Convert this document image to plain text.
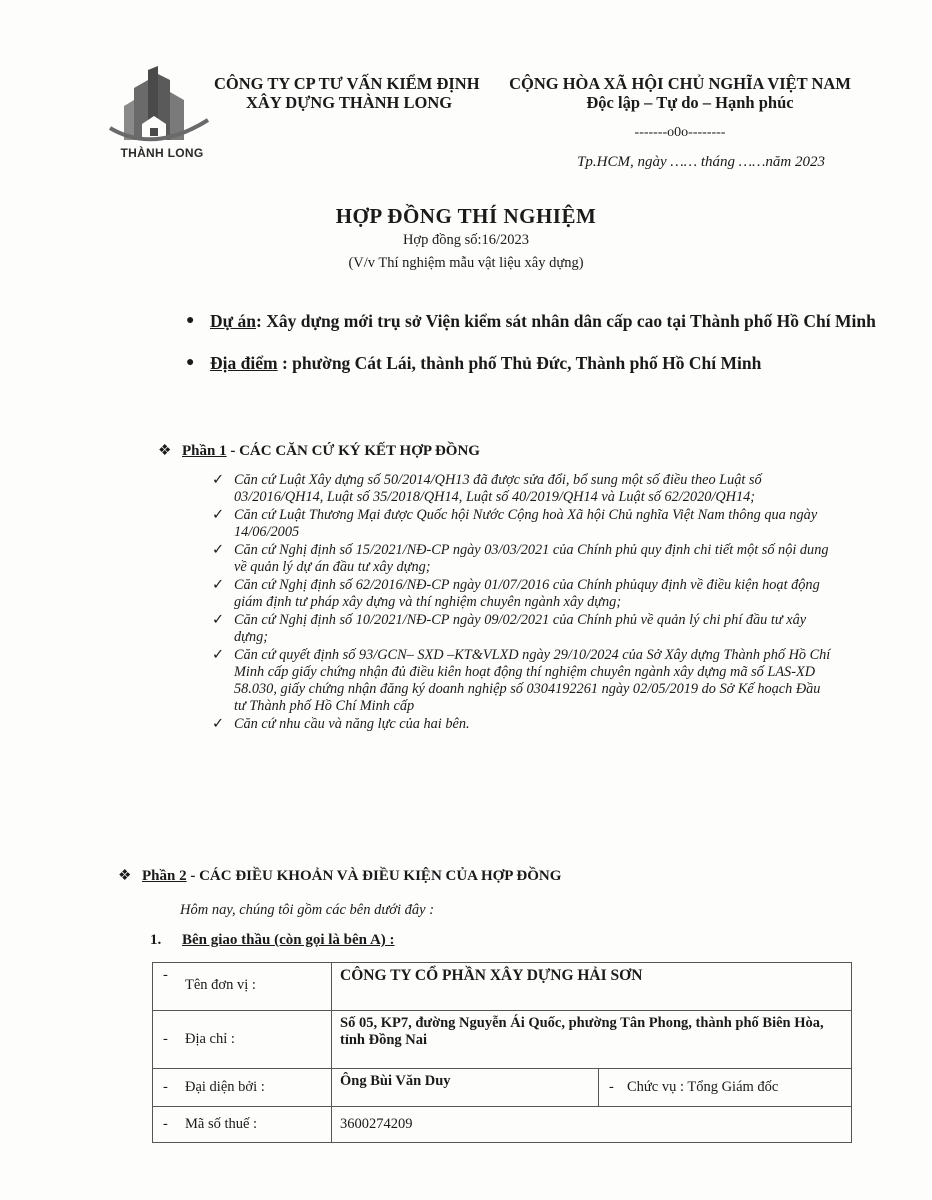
THÀNH LONG
CÔNG TY CP TƯ VẤN KIỂM ĐỊNH
XÂY DỰNG THÀNH LONG
CỘNG HÒA XÃ HỘI CHỦ NGHĨA VIỆT NAM
Độc lập – Tự do – Hạnh phúc
-------o0o--------
Tp.HCM, ngày …… tháng ……năm 2023
HỢP ĐỒNG THÍ NGHIỆM
Hợp đồng số:16/2023
(V/v Thí nghiệm mẫu vật liệu xây dựng)
● Dự án: Xây dựng mới trụ sở Viện kiểm sát nhân dân cấp cao tại Thành phố Hồ Chí Minh
● Địa điểm : phường Cát Lái, thành phố Thủ Đức, Thành phố Hồ Chí Minh
❖ Phần 1 - CÁC CĂN CỨ KÝ KẾT HỢP ĐỒNG
✓ Căn cứ Luật Xây dựng số 50/2014/QH13 đã được sửa đổi, bổ sung một số điều theo Luật số 03/2016/QH14, Luật số 35/2018/QH14, Luật số 40/2019/QH14 và Luật số 62/2020/QH14;
✓ Căn cứ Luật Thương Mại được Quốc hội Nước Cộng hoà Xã hội Chủ nghĩa Việt Nam thông qua ngày 14/06/2005
✓ Căn cứ Nghị định số 15/2021/NĐ-CP ngày 03/03/2021 của Chính phủ quy định chi tiết một số nội dung về quản lý dự án đầu tư xây dựng;
✓ Căn cứ Nghị định số 62/2016/NĐ-CP ngày 01/07/2016 của Chính phủquy định về điều kiện hoạt động giám định tư pháp xây dựng và thí nghiệm chuyên ngành xây dựng;
✓ Căn cứ Nghị định số 10/2021/NĐ-CP ngày 09/02/2021 của Chính phủ về quản lý chi phí đầu tư xây dựng;
✓ Căn cứ quyết định số 93/GCN– SXD –KT&VLXD ngày 29/10/2024 của Sở Xây dựng Thành phố Hồ Chí Minh cấp giấy chứng nhận đủ điều kiên hoạt động thí nghiệm chuyên ngành xây dựng mã số LAS-XD 58.030, giấy chứng nhận đăng ký doanh nghiệp số 0304192261 ngày 02/05/2019 do Sở Kế hoạch Đầu tư Thành phố Hồ Chí Minh cấp
✓ Căn cứ nhu cầu và năng lực của hai bên.
❖ Phần 2 - CÁC ĐIỀU KHOẢN VÀ ĐIỀU KIỆN CỦA HỢP ĐỒNG
Hôm nay, chúng tôi gồm các bên dưới đây :
1. Bên giao thầu (còn gọi là bên A) :
-
Tên đơn vị :	CÔNG TY CỔ PHẦN XÂY DỰNG HẢI SƠN	

- Địa chỉ :	Số 05, KP7, đường Nguyễn Ái Quốc, phường Tân Phong, thành phố Biên Hòa, tỉnh Đồng Nai	

- Đại diện bởi :	Ông Bùi Văn Duy	- Chức vụ : Tổng Giám đốc

- Mã số thuế :	3600274209	
